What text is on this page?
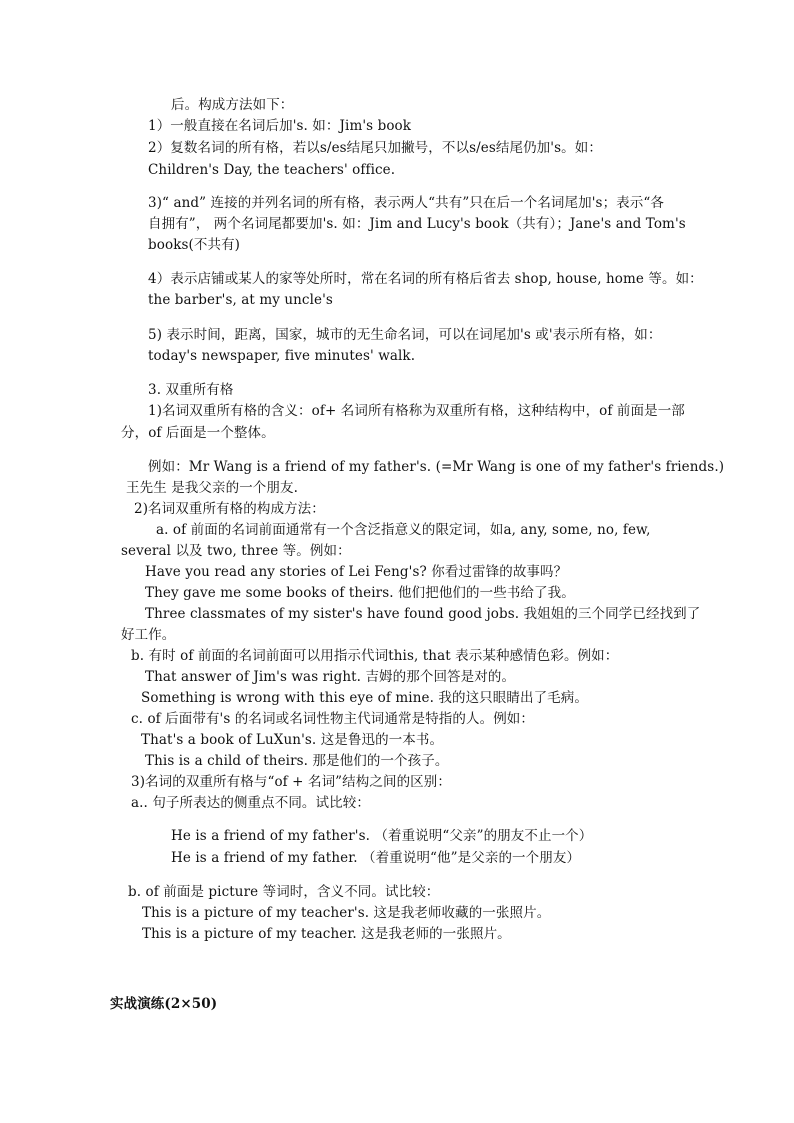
后。构成方法如下：
1）一般直接在名词后加's. 如：Jim's book
2）复数名词的所有格，若以s/es结尾只加撇号，不以s/es结尾仍加's。如：
Children's Day, the teachers' office.
3)“ and” 连接的并列名词的所有格，表示两人“共有”只在后一个名词尾加's；表示“各
自拥有”， 两个名词尾都要加's. 如：Jim and Lucy's book（共有）；Jane's and Tom's
books(不共有)
4）表示店铺或某人的家等处所时，常在名词的所有格后省去 shop, house, home 等。如：
the barber's, at my uncle's
5) 表示时间，距离，国家，城市的无生命名词，可以在词尾加's 或'表示所有格，如：
today's newspaper, five minutes' walk.
3. 双重所有格
1)名词双重所有格的含义：of+ 名词所有格称为双重所有格，这种结构中，of 前面是一部
分，of 后面是一个整体。
例如：Mr Wang is a friend of my father's. (=Mr Wang is one of my father's friends.)
王先生 是我父亲的一个朋友.
2)名词双重所有格的构成方法：
a. of 前面的名词前面通常有一个含泛指意义的限定词，如a, any, some, no, few,
several 以及 two, three 等。例如：
Have you read any stories of Lei Feng's? 你看过雷锋的故事吗？
They gave me some books of theirs. 他们把他们的一些书给了我。
Three classmates of my sister's have found good jobs. 我姐姐的三个同学已经找到了
好工作。
b. 有时 of 前面的名词前面可以用指示代词this, that 表示某种感情色彩。例如：
That answer of Jim's was right. 吉姆的那个回答是对的。
Something is wrong with this eye of mine. 我的这只眼睛出了毛病。
c. of 后面带有's 的名词或名词性物主代词通常是特指的人。例如：
That's a book of LuXun's. 这是鲁迅的一本书。
This is a child of theirs. 那是他们的一个孩子。
3)名词的双重所有格与“of + 名词”结构之间的区别：
a.. 句子所表达的侧重点不同。试比较：
He is a friend of my father's. （着重说明“父亲”的朋友不止一个）
He is a friend of my father. （着重说明“他”是父亲的一个朋友）
b. of 前面是 picture 等词时，含义不同。试比较：
This is a picture of my teacher's. 这是我老师收藏的一张照片。
This is a picture of my teacher. 这是我老师的一张照片。
实战演练(2×50)
